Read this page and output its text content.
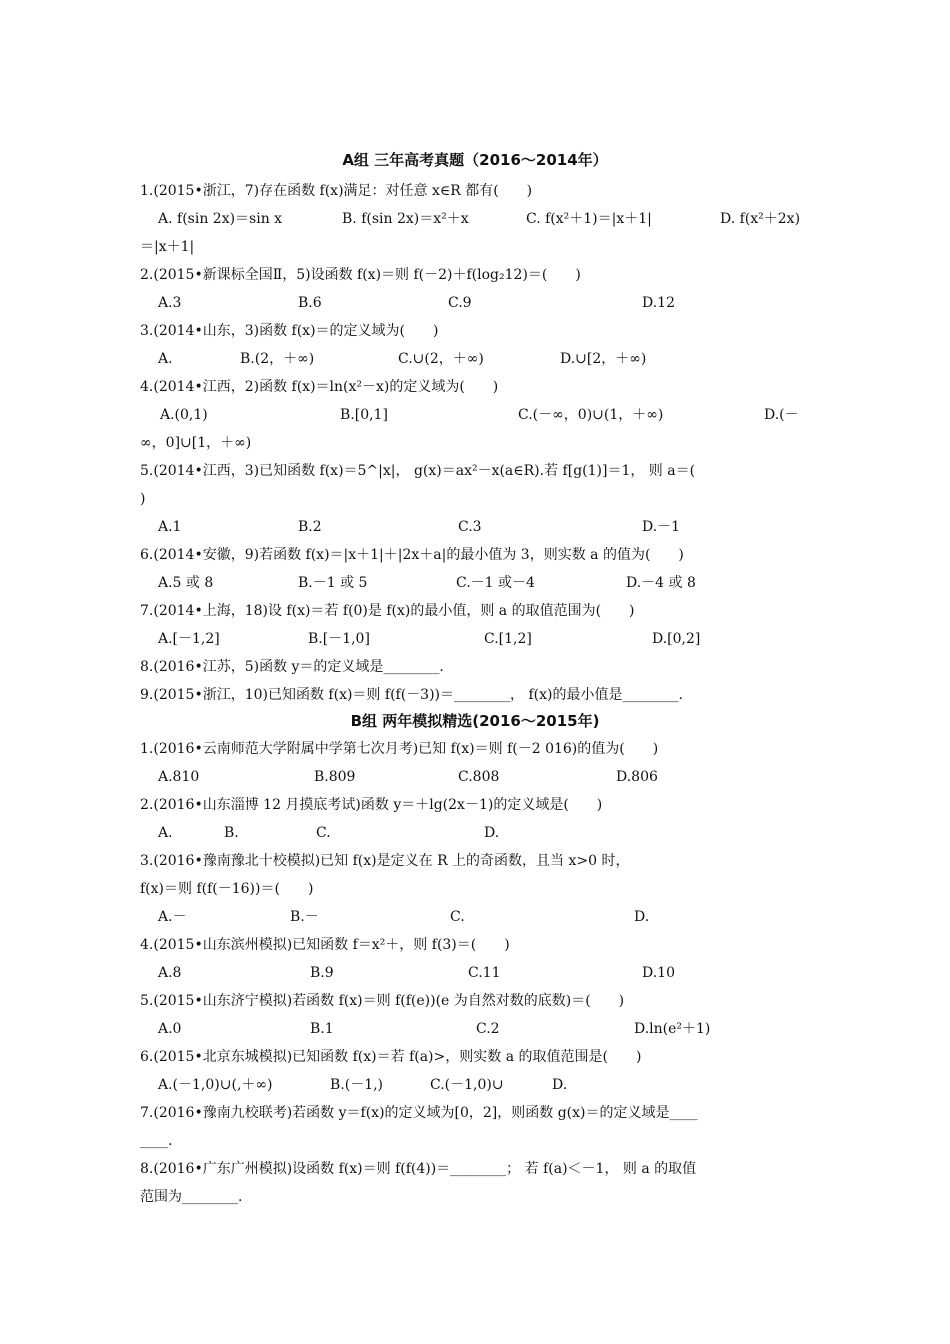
A组 三年高考真题（2016～2014年）
1.(2015•浙江，7)存在函数 f(x)满足：对任意 x∈R 都有(　　)
A. f(sin 2x)＝sin x	B. f(sin 2x)＝x²＋x	C. f(x²＋1)＝|x＋1|	D. f(x²＋2x)
＝|x＋1|
2.(2015•新课标全国Ⅱ，5)设函数 f(x)＝则 f(－2)＋f(log₂12)＝(　　)
A.3	B.6	C.9	D.12
3.(2014•山东，3)函数 f(x)＝的定义域为(　　)
A.	B.(2，＋∞)	C.∪(2，＋∞)	D.∪[2，＋∞)
4.(2014•江西，2)函数 f(x)＝ln(x²－x)的定义域为(　　)
A.(0,1)	B.[0,1]	C.(－∞，0)∪(1，＋∞)	D.(－
∞，0]∪[1，＋∞)
5.(2014•江西，3)已知函数 f(x)＝5^|x|， g(x)＝ax²－x(a∈R).若 f[g(1)]＝1， 则 a＝(
)
A.1	B.2	C.3	D.－1
6.(2014•安徽，9)若函数 f(x)＝|x＋1|＋|2x＋a|的最小值为 3，则实数 a 的值为(　　)
A.5 或 8	B.－1 或 5	C.－1 或－4	D.－4 或 8
7.(2014•上海，18)设 f(x)＝若 f(0)是 f(x)的最小值，则 a 的取值范围为(　　)
A.[－1,2]	B.[－1,0]	C.[1,2]	D.[0,2]
8.(2016•江苏，5)函数 y＝的定义域是________.
9.(2015•浙江，10)已知函数 f(x)＝则 f(f(－3))＝________， f(x)的最小值是________.
B组 两年模拟精选(2016～2015年)
1.(2016•云南师范大学附属中学第七次月考)已知 f(x)＝则 f(－2 016)的值为(　　)
A.810	B.809	C.808	D.806
2.(2016•山东淄博 12 月摸底考试)函数 y＝＋lg(2x－1)的定义域是(　　)
A.	B.	C.	D.
3.(2016•豫南豫北十校模拟)已知 f(x)是定义在 R 上的奇函数，且当 x>0 时，
f(x)＝则 f(f(－16))＝(　　)
A.－	B.－	C.	D.
4.(2015•山东滨州模拟)已知函数 f＝x²＋，则 f(3)＝(　　)
A.8	B.9	C.11	D.10
5.(2015•山东济宁模拟)若函数 f(x)＝则 f(f(e))(e 为自然对数的底数)＝(　　)
A.0	B.1	C.2	D.ln(e²＋1)
6.(2015•北京东城模拟)已知函数 f(x)＝若 f(a)>，则实数 a 的取值范围是(　　)
A.(－1,0)∪(,＋∞)	B.(－1,)	C.(－1,0)∪	D.
7.(2016•豫南九校联考)若函数 y＝f(x)的定义域为[0，2]，则函数 g(x)＝的定义域是____
____.
8.(2016•广东广州模拟)设函数 f(x)＝则 f(f(4))＝________； 若 f(a)＜－1， 则 a 的取值
范围为________.
